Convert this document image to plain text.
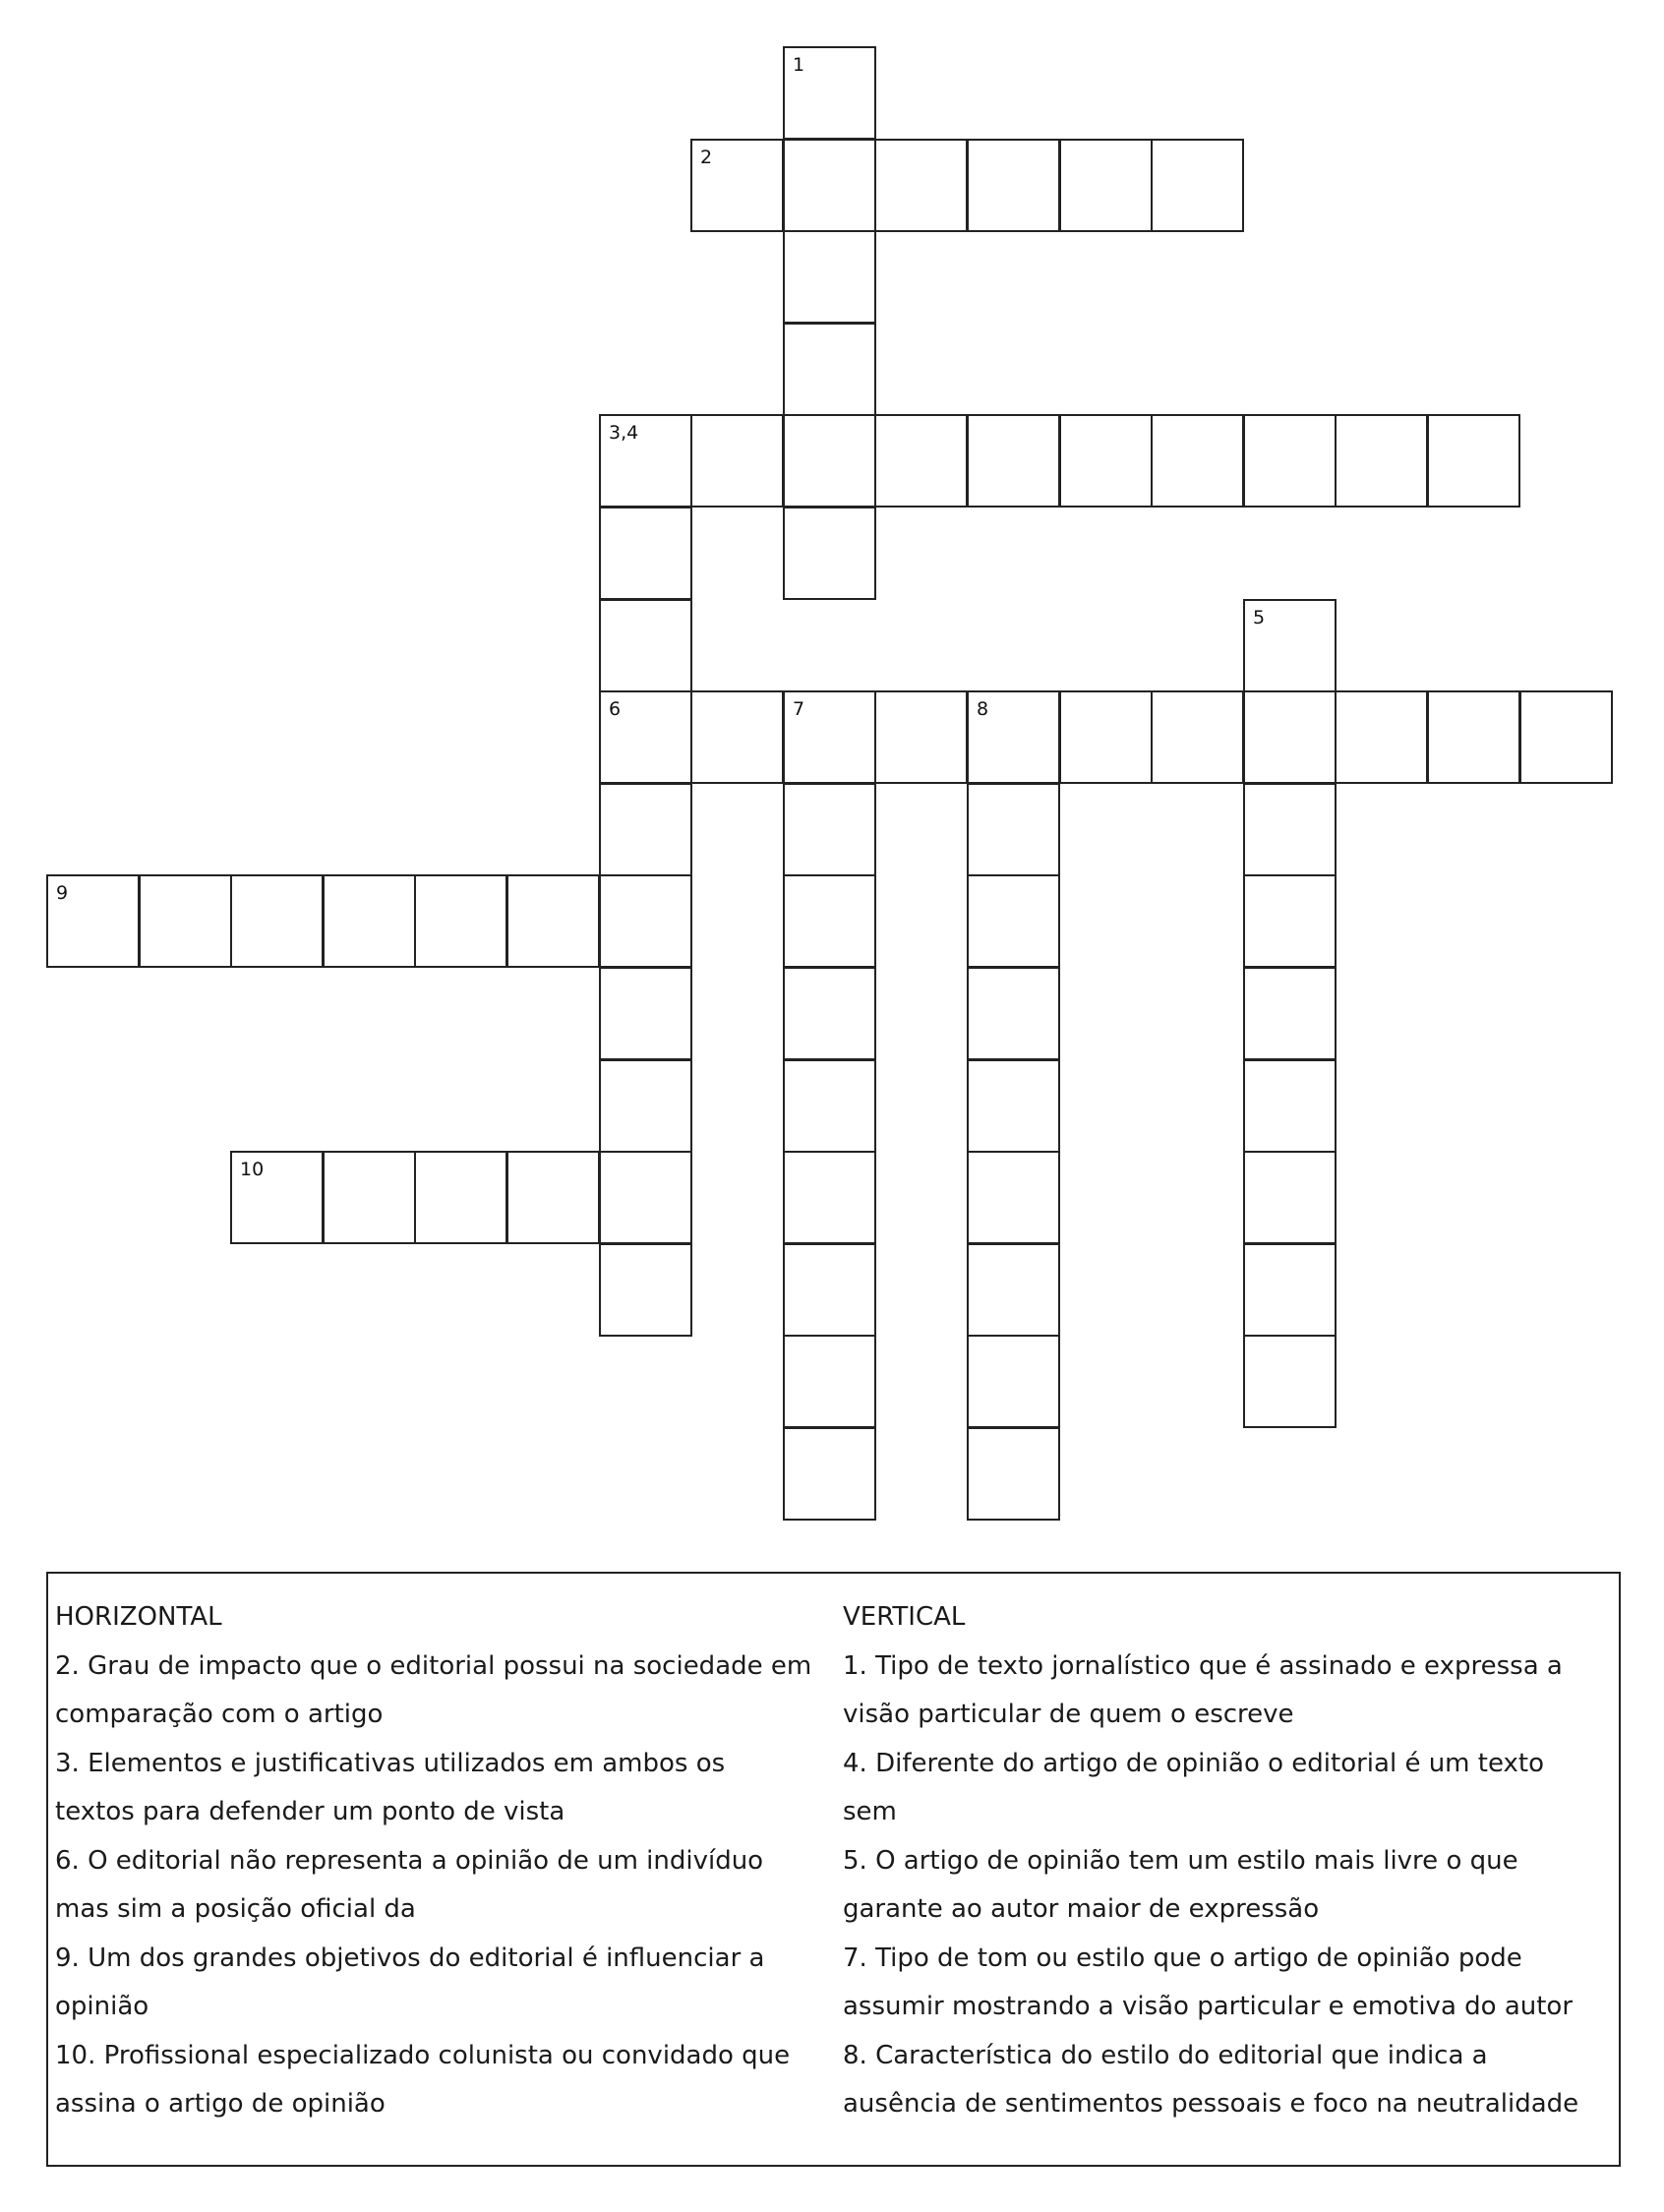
1
2
3,4
6
5
7	8
9
10
HORIZONTAL
2. Grau de impacto que o editorial possui na sociedade em
comparação com o artigo
3. Elementos e justificativas utilizados em ambos os
textos para defender um ponto de vista
6. O editorial não representa a opinião de um indivíduo
mas sim a posição oficial da
9. Um dos grandes objetivos do editorial é influenciar a
opinião
10. Profissional especializado colunista ou convidado que
assina o artigo de opinião
VERTICAL
1. Tipo de texto jornalístico que é assinado e expressa a
visão particular de quem o escreve
4. Diferente do artigo de opinião o editorial é um texto
sem
5. O artigo de opinião tem um estilo mais livre o que
garante ao autor maior de expressão
7. Tipo de tom ou estilo que o artigo de opinião pode
assumir mostrando a visão particular e emotiva do autor
8. Característica do estilo do editorial que indica a
ausência de sentimentos pessoais e foco na neutralidade
